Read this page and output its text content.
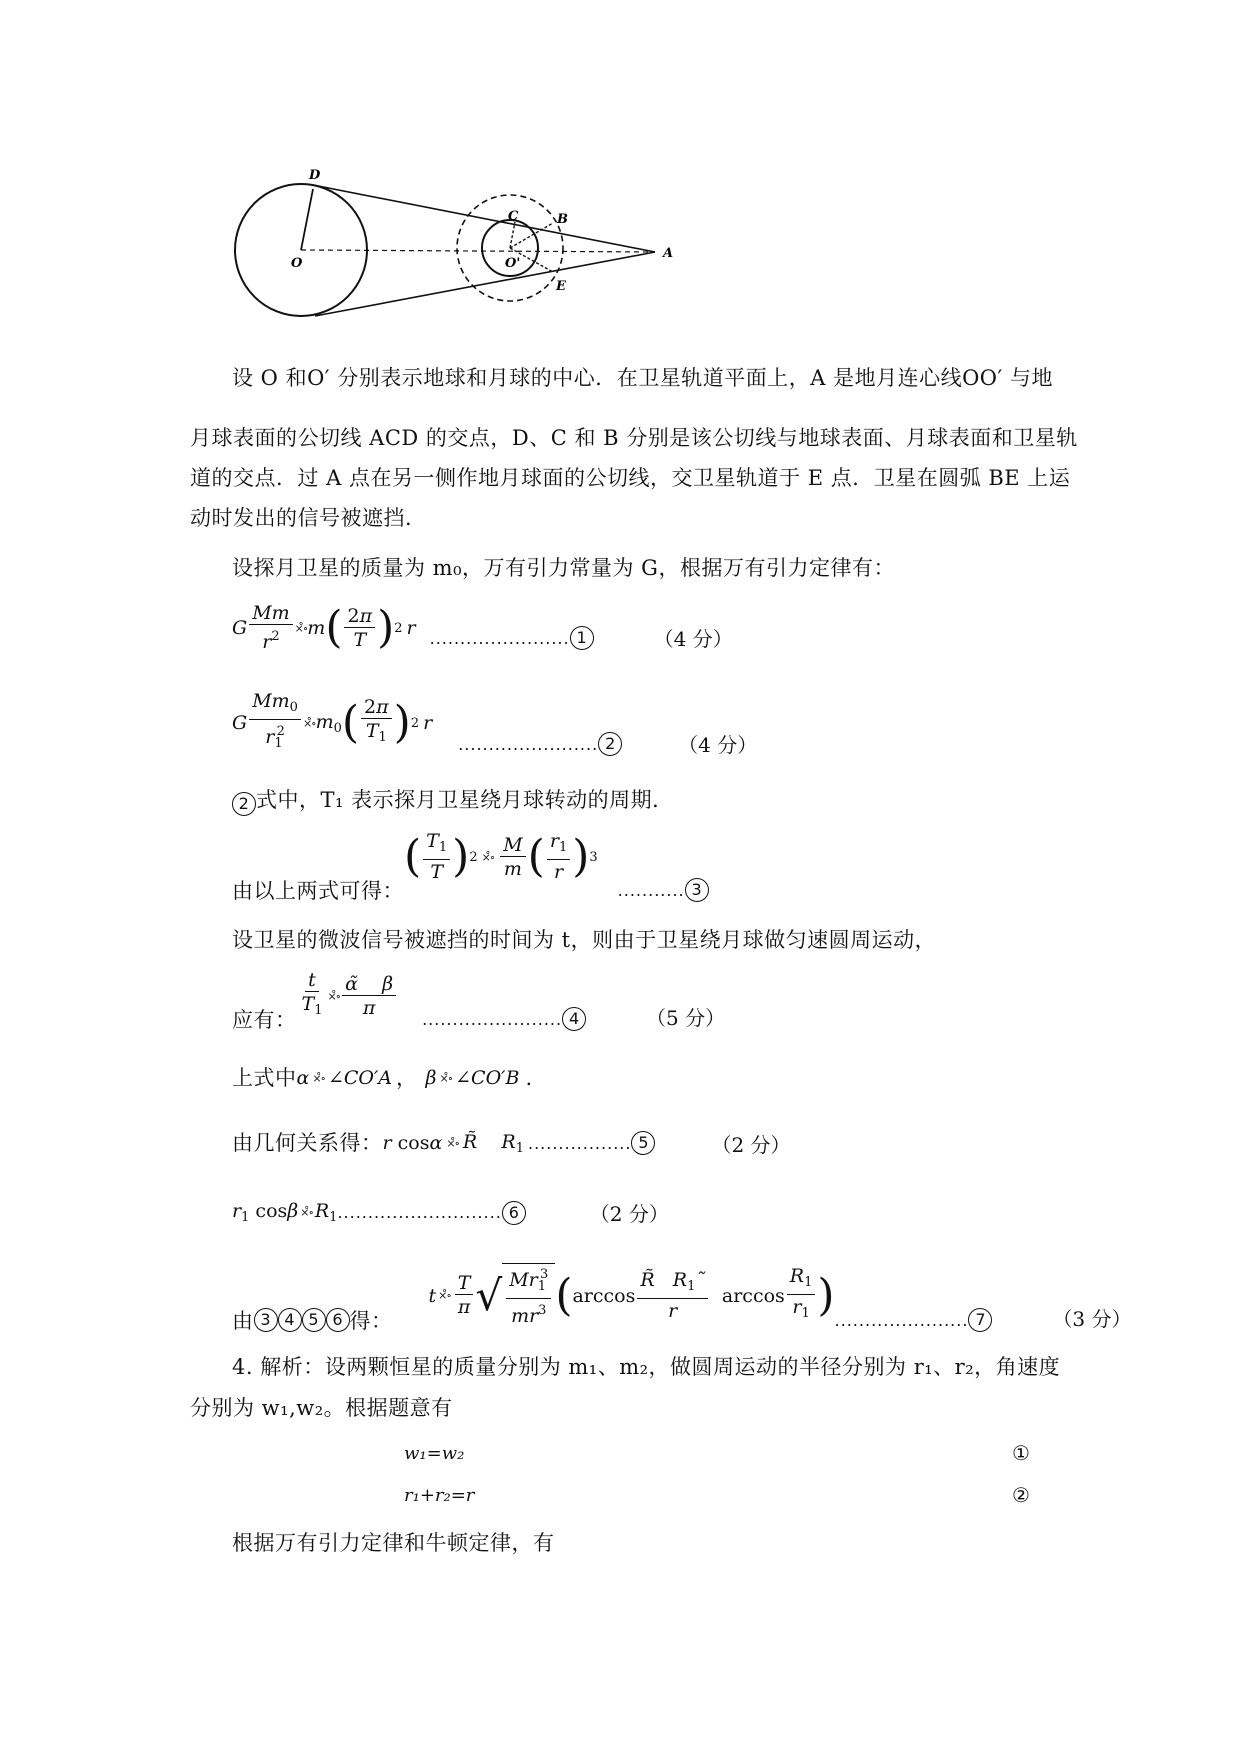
D
O	O'
C	B
E
A
设 O 和O′ 分别表示地球和月球的中心．在卫星轨道平面上，A 是地月连心线OO′ 与地
月球表面的公切线 ACD 的交点，D、C 和 B 分别是该公切线与地球表面、月球表面和卫星轨
道的交点．过 A 点在另一侧作地月球面的公切线，交卫星轨道于 E 点．卫星在圆弧 BE 上运
动时发出的信号被遮挡．
设探月卫星的质量为 m₀，万有引力常量为 G，根据万有引力定律有：
G $\frac{Mm}{r^2}$ ×̊∘ m ( $\frac{2\pi}{T}$ ) 2 r ....................... 1	（4 分）
G $\frac{Mm_0}{r_1^2}$ ×̊∘ $m_0$ ( $\frac{2\pi}{T_1}$ ) 2 r
....................... 2	（4 分）
2 式中，T₁ 表示探月卫星绕月球转动的周期．
由以上两式可得：
( $\frac{T_1}{T}$ ) 2 ×̊∘ $\frac{M}{m}$ ( $\frac{r_1}{r}$ ) 3
........... 3
设卫星的微波信号被遮挡的时间为 t，则由于卫星绕月球做匀速圆周运动，
应有： $\frac{t}{T_1}$ ×̊∘ $\frac{\alphã \beta}{\pi}$ ....................... 4	（5 分）
上式中 α ×̊∘ ∠ CO′A ， β ×̊∘ ∠ CO′B .
由几何关系得： r cosα ×̊∘ R̃    $R_1$ ................. 5	（2 分）
$r_1$ cosβ ×̊∘ $R_1$ ........................... 6	（2 分）
由 3 4 5 6 得：
t ×̊∘ $\frac{T}{\pi}$ √ $\frac{Mr_1^3}{mr^3}$ ( $\arccos \frac{R̃ R_1˜}{r}$ $\arccos \frac{R_1}{r_1}$ ) ...................... 7	（3 分）
4. 解析：设两颗恒星的质量分别为 m₁、m₂，做圆周运动的半径分别为 r₁、r₂，角速度
分别为 w₁,w₂。根据题意有
w₁=w₂	①
r₁+r₂=r	②
根据万有引力定律和牛顿定律，有
